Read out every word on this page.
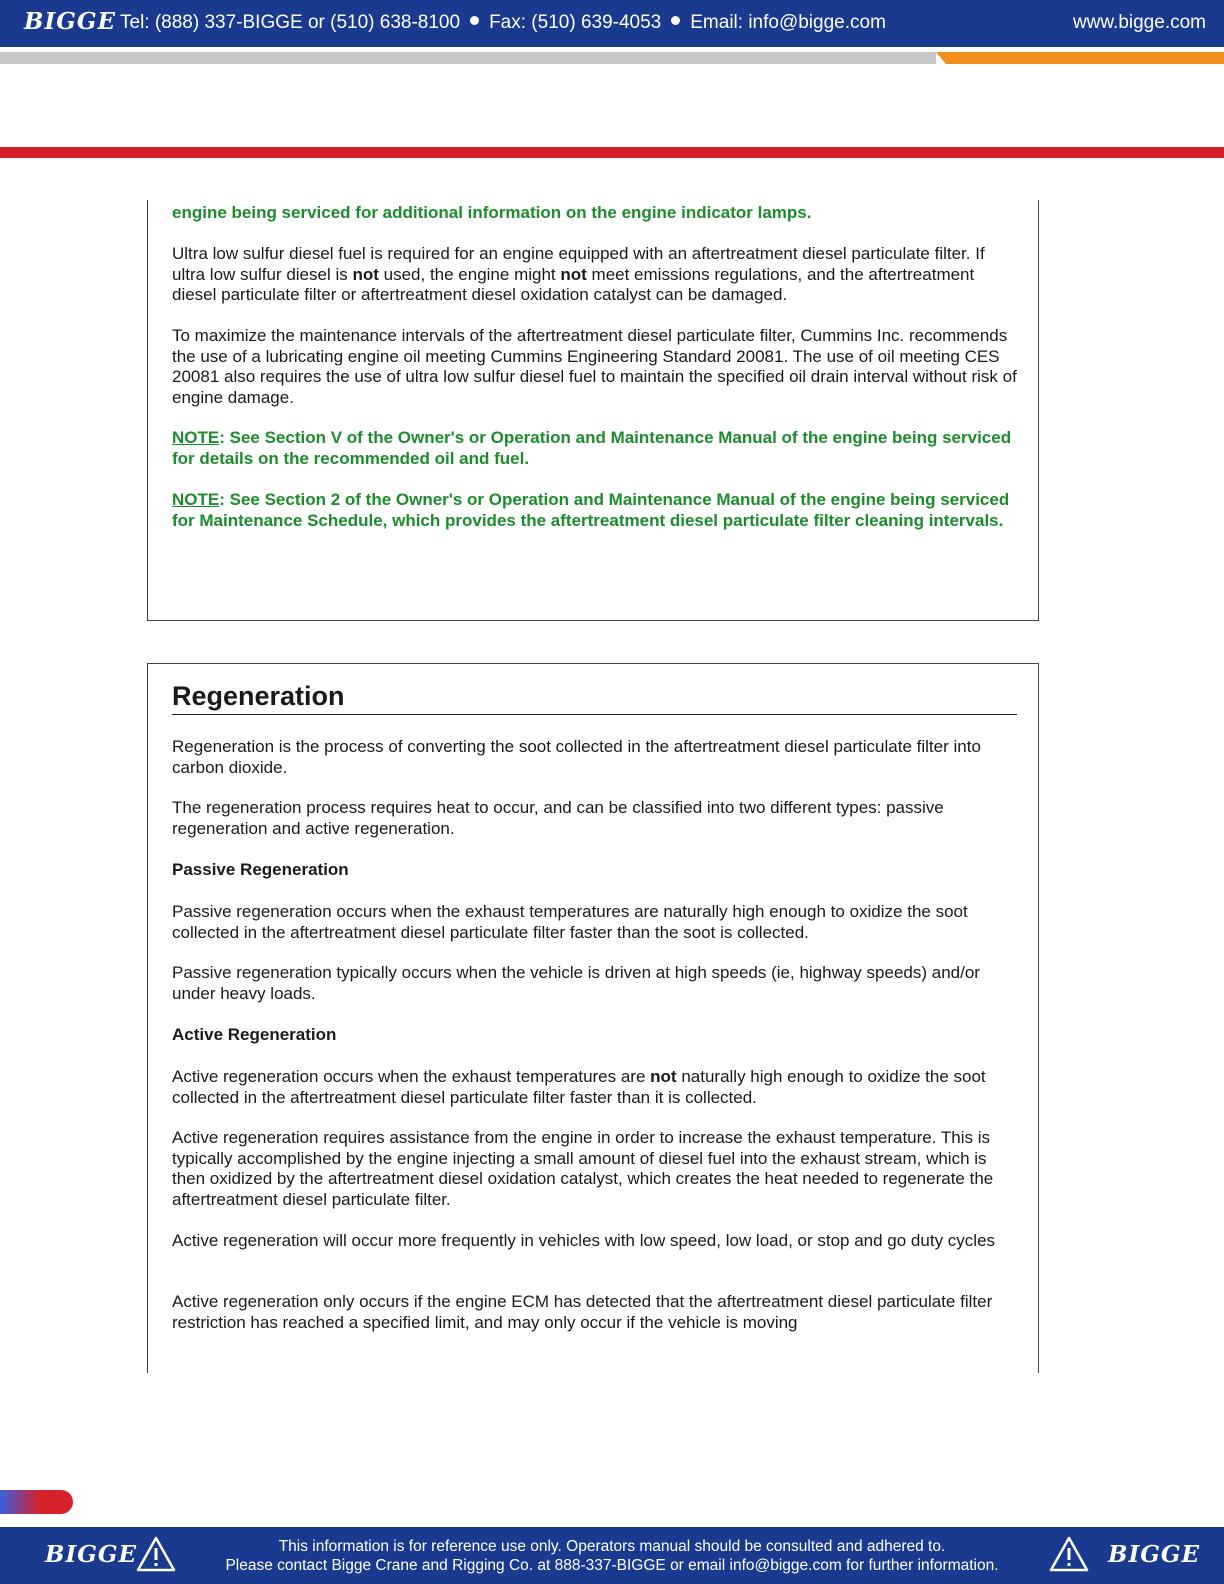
BIGGE Tel: (888) 337-BIGGE or (510) 638-8100 Fax: (510) 639-4053 Email: info@bigge.com	www.bigge.com

engine being serviced for additional information on the engine indicator lamps.

Ultra low sulfur diesel fuel is required for an engine equipped with an aftertreatment diesel particulate filter. If ultra low sulfur diesel is not used, the engine might not meet emissions regulations, and the aftertreatment diesel particulate filter or aftertreatment diesel oxidation catalyst can be damaged.

To maximize the maintenance intervals of the aftertreatment diesel particulate filter, Cummins Inc. recommends the use of a lubricating engine oil meeting Cummins Engineering Standard 20081. The use of oil meeting CES 20081 also requires the use of ultra low sulfur diesel fuel to maintain the specified oil drain interval without risk of engine damage.

NOTE: See Section V of the Owner's or Operation and Maintenance Manual of the engine being serviced for details on the recommended oil and fuel.

NOTE: See Section 2 of the Owner's or Operation and Maintenance Manual of the engine being serviced for Maintenance Schedule, which provides the aftertreatment diesel particulate filter cleaning intervals.

Regeneration

Regeneration is the process of converting the soot collected in the aftertreatment diesel particulate filter into carbon dioxide.

The regeneration process requires heat to occur, and can be classified into two different types: passive regeneration and active regeneration.

Passive Regeneration

Passive regeneration occurs when the exhaust temperatures are naturally high enough to oxidize the soot collected in the aftertreatment diesel particulate filter faster than the soot is collected.

Passive regeneration typically occurs when the vehicle is driven at high speeds (ie, highway speeds) and/or under heavy loads.

Active Regeneration

Active regeneration occurs when the exhaust temperatures are not naturally high enough to oxidize the soot collected in the aftertreatment diesel particulate filter faster than it is collected.

Active regeneration requires assistance from the engine in order to increase the exhaust temperature. This is typically accomplished by the engine injecting a small amount of diesel fuel into the exhaust stream, which is then oxidized by the aftertreatment diesel oxidation catalyst, which creates the heat needed to regenerate the aftertreatment diesel particulate filter.

Active regeneration will occur more frequently in vehicles with low speed, low load, or stop and go duty cycles

Active regeneration only occurs if the engine ECM has detected that the aftertreatment diesel particulate filter restriction has reached a specified limit, and may only occur if the vehicle is moving

BIGGE	This information is for reference use only. Operators manual should be consulted and adhered to.
Please contact Bigge Crane and Rigging Co. at 888-337-BIGGE or email info@bigge.com for further information.	BIGGE
